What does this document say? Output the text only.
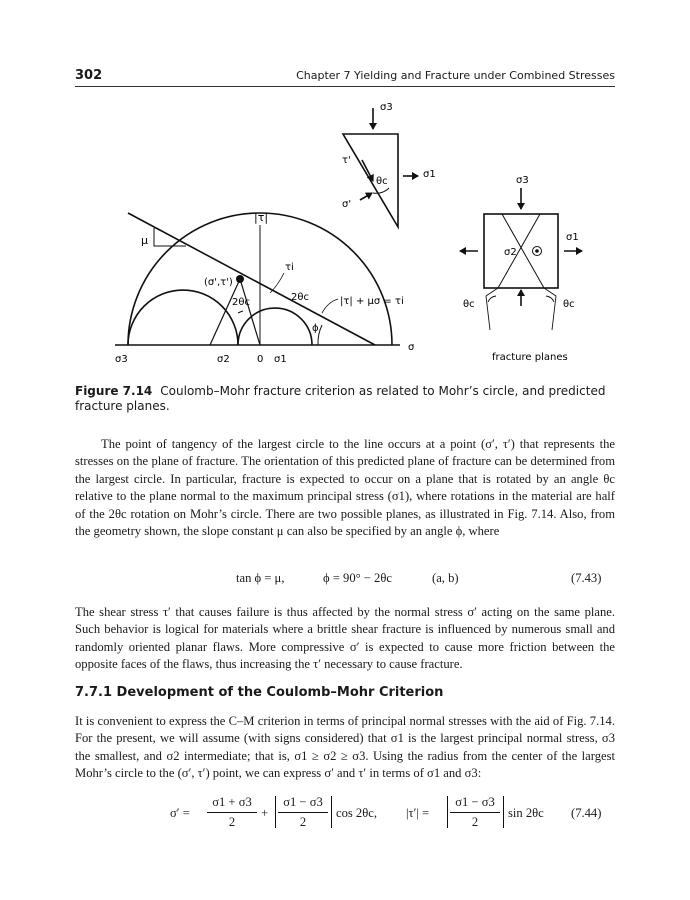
302	Chapter 7 Yielding and Fracture under Combined Stresses
μ
|τ|
(σ',τ')
2θc	2θc
τi
|τ| + μσ = τi
ϕ
σ
σ3	σ2	0 σ1
σ3
τ'
θc
σ'
σ1
σ3
σ1
σ2
θc	θc
fracture planes
Figure 7.14 Coulomb–Mohr fracture criterion as related to Mohr’s circle, and predicted fracture planes.
The point of tangency of the largest circle to the line occurs at a point (σ′, τ′) that represents the stresses on the plane of fracture. The orientation of this predicted plane of fracture can be determined from the largest circle. In particular, fracture is expected to occur on a plane that is rotated by an angle θc relative to the plane normal to the maximum principal stress (σ1), where rotations in the material are half of the 2θc rotation on Mohr’s circle. There are two possible planes, as illustrated in Fig. 7.14. Also, from the geometry shown, the slope constant μ can also be specified by an angle ϕ, where
tan ϕ = μ,	ϕ = 90° − 2θc	(a, b)	(7.43)
The shear stress τ′ that causes failure is thus affected by the normal stress σ′ acting on the same plane. Such behavior is logical for materials where a brittle shear fracture is influenced by numerous small and randomly oriented planar flaws. More compressive σ′ is expected to cause more friction between the opposite faces of the flaws, thus increasing the τ′ necessary to cause fracture.
7.7.1 Development of the Coulomb–Mohr Criterion
It is convenient to express the C–M criterion in terms of principal normal stresses with the aid of Fig. 7.14. For the present, we will assume (with signs considered) that σ1 is the largest principal normal stress, σ3 the smallest, and σ2 intermediate; that is, σ1 ≥ σ2 ≥ σ3. Using the radius from the center of the largest Mohr’s circle to the (σ′, τ′) point, we can express σ′ and τ′ in terms of σ1 and σ3:
σ′ =
σ1 + σ3
2
+
σ1 − σ3
2
cos 2θc, |τ′| =
σ1 − σ3
2
sin 2θc (7.44)
